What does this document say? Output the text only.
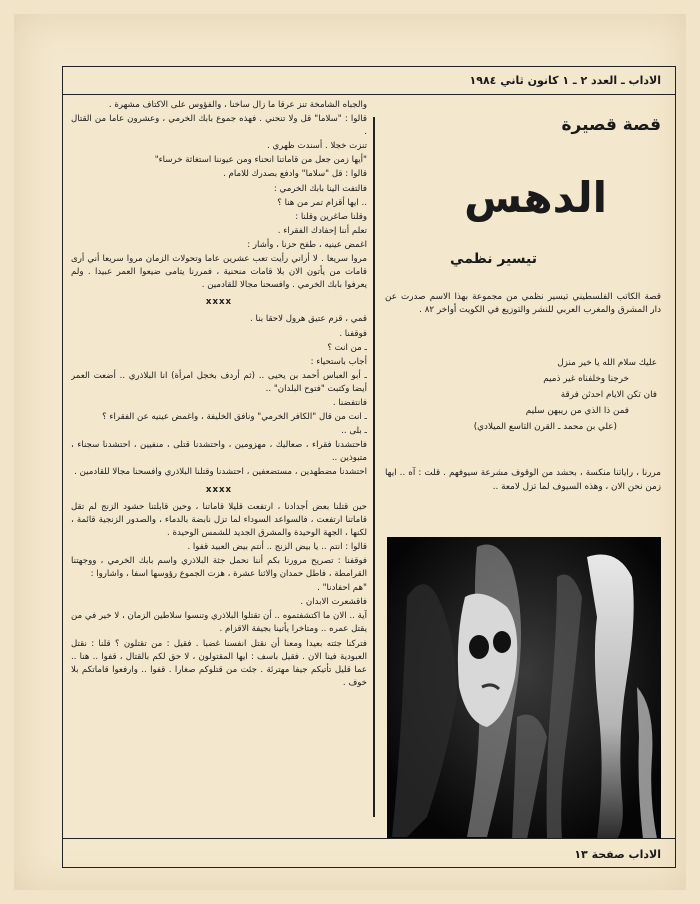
الاداب ـ العدد ٢ ـ ١ كانون ثاني ١٩٨٤

والجباه الشامخة تنز عرقا ما زال ساخنا ، والفؤوس على الاكتاف مشهرة .

قالوا : "سلاما" قل ولا تنحني . فهذه جموع بابك الخرمي ، وعشرون عاما من القتال .

تنزت خجلا . أسندت ظهري .

"أيها زمن جعل من قاماتنا انحناء ومن عيوننا استغاثة خرساء"

قالوا : قل "سلاما" وادفع بصدرك للامام .

فالتفت الينا بابك الخرمي :

.. ايها أقزام تمر من هنا ؟

وقلنا صاغرين وقلنا :

تعلم أننا إحفادك الفقراء .

اغمض عينيه ، طفح حزنا ، وأشار :

مروا سريعا . لا أراني رأيت تعب عشرين عاما وتحولات الزمان مروا سريعا أني أرى قامات من يأتون الان بلا قامات منحنية ، فمررنا يتامى ضيعوا العمر عبيدا . ولم يعرفوا بابك الخرمي . وافسحنا مجالا للقادمين .

xxxx

قمي ، قزم عتيق هرول لاحقا بنا .

فوقفنا .

ـ من انت ؟

أجاب باستحياء :

ـ أبو العباس أحمد بن يحيى .. (ثم أردف بخجل امرأة) انا البلاذري .. أضعت العمر أيضا وكتبت "فتوح البلدان" ..

فانتفضنا .

ـ انت من قال "الكافر الخرمي" ونافق الخليفة ، واغمض عينيه عن الفقراء ؟

ـ بلى ..

فاحتشدنا فقراء ، صعاليك ، مهزومين ، واحتشدنا قتلى ، منفيين ، احتشدنا سجناء ، متبوذين ..

احتشدنا مضطهدين ، مستضعفين ، احتشدنا وقتلنا البلاذري وافسحنا مجالا للقادمين .

xxxx

حين قتلنا بعض أجدادنا ، ارتفعت قليلا قاماتنا ، وحين قابلتنا حشود الزنج لم تقل قاماتنا ارتفعت ، فالسواعد السوداء لما تزل نابضة بالدماء ، والصدور الزنجية قائمة ، لكنها ، الجهة الوحيدة والمشرق الجديد للشمس الوحيدة .

قالوا : انتم .. يا بيض الزنج .. أنتم بيض العبيد قفوا .

فوقفنا : تصريح مرورنا بكم أننا نحمل جثة البلاذري واسم بابك الخرمي ، ووجهتنا القرامطة ، فاطل حمدان والاثنا عشرة ، هزت الجموع رؤوسها اسفا ، واشاروا :

"هم احفادنا" .

فاقشعرت الابدان .

آية .. الان ما اكتشفتموه .. أن تقتلوا البلاذري وتنسوا سلاطين الزمان ، لا خير في من يقتل عمره .. ومتاخرا يأتينا بجيفة الاقزام .

فتركنا جثته بعيدا ومعنا أن نقتل انفسنا غضبا . فقيل : من تقتلون ؟ قلنا : نقتل العبودية فينا الان . فقيل باسف : ايها المقتولون ، لا حق لكم بالقتال ، قفوا .. هنا .. عما قليل تأتيكم جيفا مهترئة . جئت من قتلوكم صغارا . قفوا .. وارفعوا قاماتكم بلا خوف .

قصة قصيرة
الدهس
تيسير نظمي
قصة الكاتب الفلسطيني تيسير نظمي من مجموعة بهذا الاسم صدرت عن دار المشرق والمغرب العربي للنشر والتوزيع في الكويت أواخر ٨٢ .

عليك سلام الله يا خير منزل

خرجنا وخلفناه غير ذميم

فان تكن الايام احدثن فرقة

فمن ذا الذي من ريبهن سليم

(علي بن محمد ـ القرن التاسع الميلادي)

مررنا ، راياتنا منكسة ، بحشد من الوقوف مشرعة سيوفهم . قلت : آه .. ايها زمن نحن الان ، وهذه السيوف لما تزل لامعة ..
الاداب صفحة ١٣
